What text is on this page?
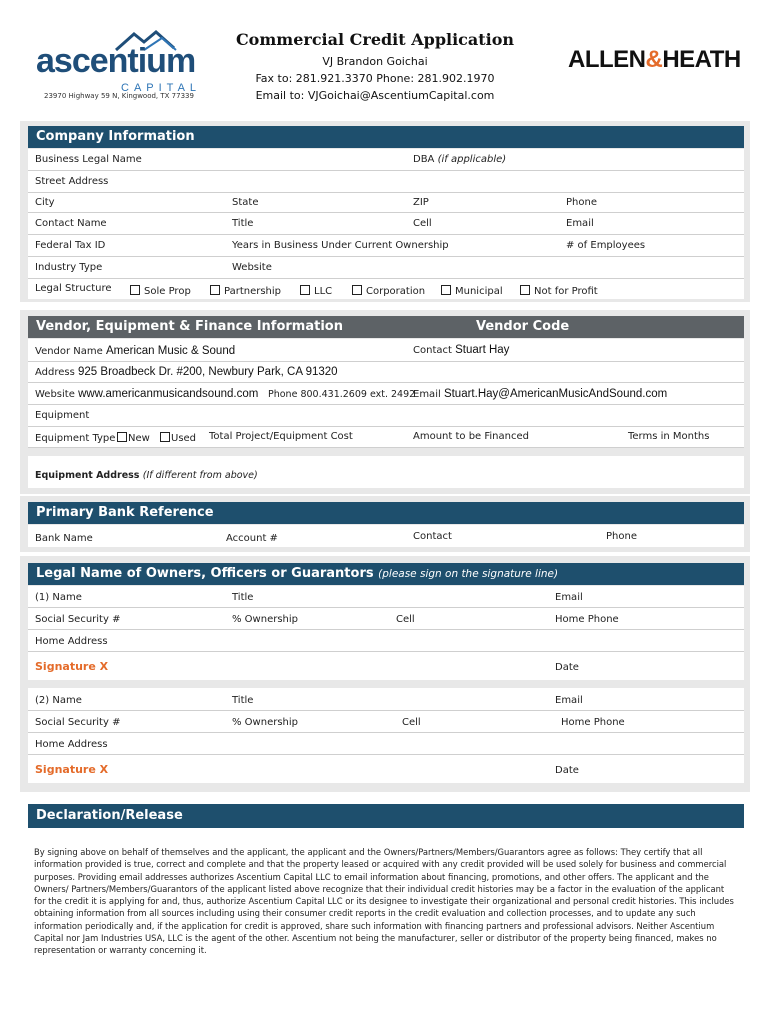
ascentium
CAPITAL
23970 Highway 59 N, Kingwood, TX 77339
Commercial Credit Application
VJ Brandon Goichai
Fax to: 281.921.3370 Phone: 281.902.1970
Email to: VJGoichai@AscentiumCapital.com
ALLEN&HEATH
Company Information
Business Legal Name	DBA (if applicable)
Street Address
City	State	ZIP	Phone
Contact Name	Title	Cell	Email
Federal Tax ID	Years in Business Under Current Ownership	# of Employees
Industry Type	Website
Legal Structure	Sole Prop	Partnership	LLC	Corporation	Municipal	Not for Profit
Vendor, Equipment & Finance Information	Vendor Code
Vendor Name American Music & Sound	Contact Stuart Hay
Address 925 Broadbeck Dr. #200, Newbury Park, CA 91320
Website www.americanmusicandsound.com Phone 800.431.2609 ext. 2492
Email Stuart.Hay@AmericanMusicAndSound.com
Equipment
Equipment Type	New	Used Total Project/Equipment Cost	Amount to be Financed	Terms in Months
Equipment Address (If different from above)
Primary Bank Reference
Bank Name	Account #	Contact	Phone
Legal Name of Owners, Officers or Guarantors (please sign on the signature line)
(1) Name	Title	Email
Social Security #	% Ownership	Cell	Home Phone
Home Address
Signature X	Date
(2) Name	Title	Email
Social Security #	% Ownership	Cell	Home Phone
Home Address
Signature X	Date
Declaration/Release
By signing above on behalf of themselves and the applicant, the applicant and the Owners/Partners/Members/Guarantors agree as follows: They certify that all information provided is true, correct and complete and that the property leased or acquired with any credit provided will be used solely for business and commercial purposes. Providing email addresses authorizes Ascentium Capital LLC to email information about financing, promotions, and other offers. The applicant and the Owners/ Partners/Members/Guarantors of the applicant listed above recognize that their individual credit histories may be a factor in the evaluation of the applicant for the credit it is applying for and, thus, authorize Ascentium Capital LLC or its designee to investigate their organizational and personal credit histories. This includes obtaining information from all sources including using their consumer credit reports in the credit evaluation and collection processes, and to update any such information periodically and, if the application for credit is approved, share such information with financing partners and professional advisors. Neither Ascentium Capital nor Jam Industries USA, LLC is the agent of the other. Ascentium not being the manufacturer, seller or distributor of the property being financed, makes no representation or warranty concerning it.
